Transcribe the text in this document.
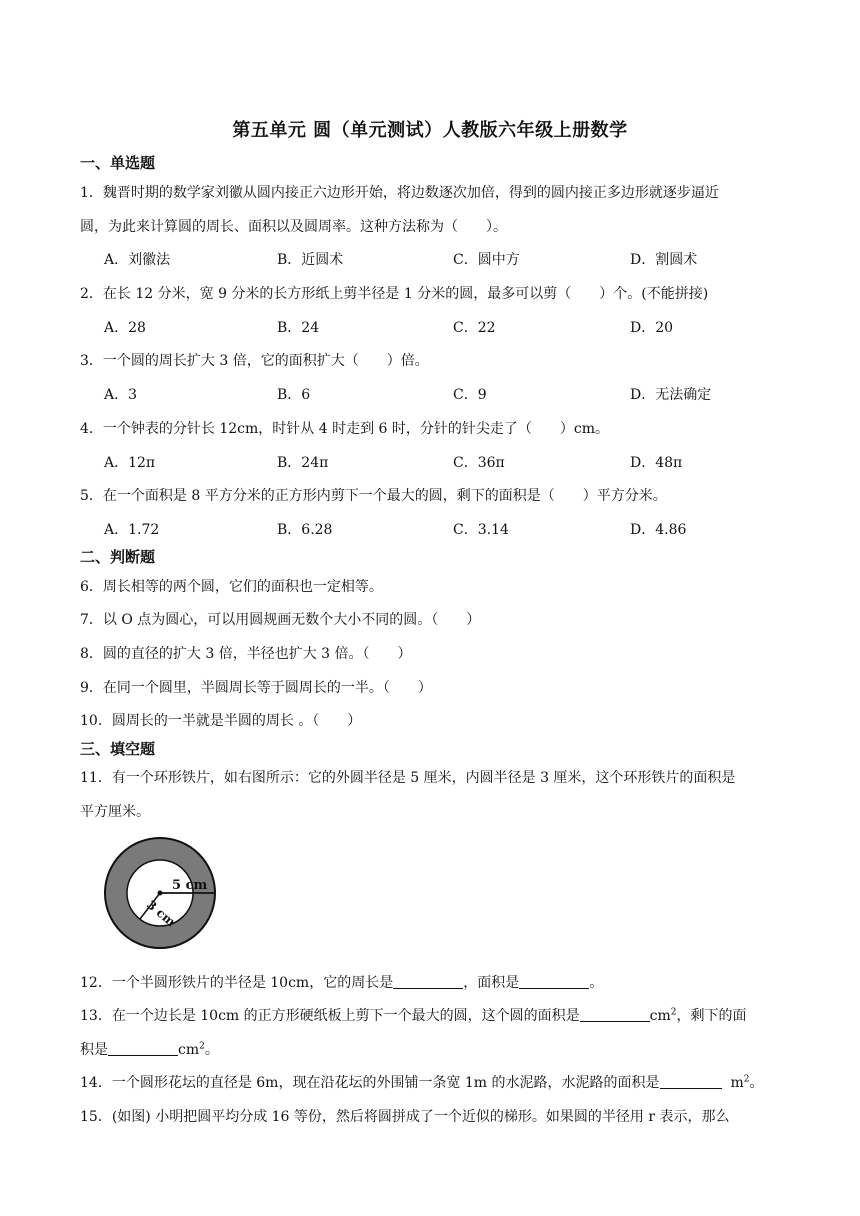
第五单元 圆（单元测试）人教版六年级上册数学
一、单选题
1．魏晋时期的数学家刘徽从圆内接正六边形开始，将边数逐次加倍，得到的圆内接正多边形就逐步逼近
圆，为此来计算圆的周长、面积以及圆周率。这种方法称为（　　）。
A．刘徽法	B．近圆术	C．圆中方	D．割圆术
2．在长 12 分米，宽 9 分米的长方形纸上剪半径是 1 分米的圆，最多可以剪（　　）个。(不能拼接)
A．28	B．24	C．22	D．20
3．一个圆的周长扩大 3 倍，它的面积扩大（　　）倍。
A．3	B．6	C．9	D．无法确定
4．一个钟表的分针长 12cm，时针从 4 时走到 6 时，分针的针尖走了（　　）cm。
A．12π	B．24π	C．36π	D．48π
5．在一个面积是 8 平方分米的正方形内剪下一个最大的圆，剩下的面积是（　　）平方分米。
A．1.72	B．6.28	C．3.14	D．4.86
二、判断题
6．周长相等的两个圆，它们的面积也一定相等。
7．以 O 点为圆心，可以用圆规画无数个大小不同的圆。（　　）
8．圆的直径的扩大 3 倍，半径也扩大 3 倍。（　　）
9．在同一个圆里，半圆周长等于圆周长的一半。（　　）
10．圆周长的一半就是半圆的周长 。（　　）
三、填空题
11．有一个环形铁片，如右图所示：它的外圆半径是 5 厘米，内圆半径是 3 厘米，这个环形铁片的面积是
平方厘米。
5 cm
3 cm
12．一个半圆形铁片的半径是 10cm，它的周长是	，面积是	。
13．在一个边长是 10cm 的正方形硬纸板上剪下一个最大的圆，这个圆的面积是	$cm^2$，剩下的面
积是	$cm^2$。
14．一个圆形花坛的直径是 6m，现在沿花坛的外围铺一条宽 1m 的水泥路，水泥路的面积是	$m^2$。
15．(如图) 小明把圆平均分成 16 等份，然后将圆拼成了一个近似的梯形。如果圆的半径用 r 表示，那么
